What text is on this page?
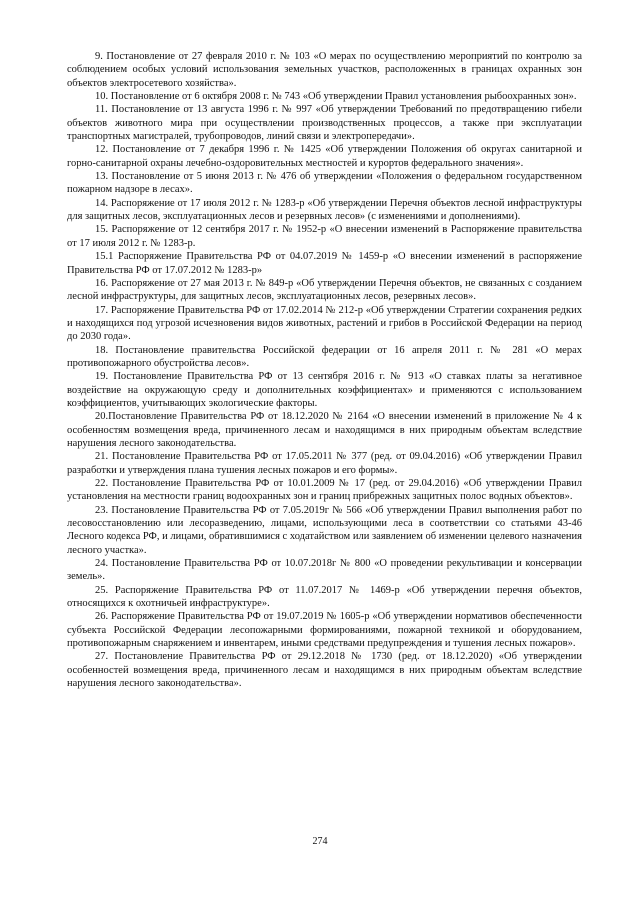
9. Постановление от 27 февраля 2010 г. № 103 «О мерах по осуществлению мероприятий по контролю за соблюдением особых условий использования земельных участков, расположенных в границах охранных зон объектов электросетевого хозяйства».

10. Постановление от 6 октября 2008 г. № 743 «Об утверждении Правил установления рыбоохранных зон».

11. Постановление от 13 августа 1996 г. № 997 «Об утверждении Требований по предотвращению гибели объектов животного мира при осуществлении производственных процессов, а также при эксплуатации транспортных магистралей, трубопроводов, линий связи и электропередачи».

12. Постановление от 7 декабря 1996 г. № 1425 «Об утверждении Положения об округах санитарной и горно-санитарной охраны лечебно-оздоровительных местностей и курортов федерального значения».

13. Постановление от 5 июня 2013 г. № 476 об утверждении «Положения о федеральном государственном пожарном надзоре в лесах».

14. Распоряжение от 17 июля 2012 г. № 1283-р «Об утверждении Перечня объектов лесной инфраструктуры для защитных лесов, эксплуатационных лесов и резервных лесов» (с изменениями и дополнениями).

15. Распоряжение от 12 сентября 2017 г. № 1952-р «О внесении изменений в Распоряжение правительства от 17 июля 2012 г. № 1283-р.

15.1 Распоряжение Правительства РФ от 04.07.2019 № 1459-р «О внесении изменений в распоряжение Правительства РФ от 17.07.2012 № 1283-р»

16. Распоряжение от 27 мая 2013 г. № 849-р «Об утверждении Перечня объектов, не связанных с созданием лесной инфраструктуры, для защитных лесов, эксплуатационных лесов, резервных лесов».

17. Распоряжение Правительства РФ от 17.02.2014 № 212-р «Об утверждении Стратегии сохранения редких и находящихся под угрозой исчезновения видов животных, растений и грибов в Российской Федерации на период до 2030 года».

18. Постановление правительства Российской федерации от 16 апреля 2011 г. № 281 «О мерах противопожарного обустройства лесов».

19. Постановление Правительства РФ от 13 сентября 2016 г. № 913 «О ставках платы за негативное воздействие на окружающую среду и дополнительных коэффициентах» и применяются с использованием коэффициентов, учитывающих экологические факторы.

20.Постановление Правительства РФ от 18.12.2020 № 2164 «О внесении изменений в приложение № 4 к особенностям возмещения вреда, причиненного лесам и находящимся в них природным объектам вследствие нарушения лесного законодательства.

21. Постановление Правительства РФ от 17.05.2011 № 377 (ред. от 09.04.2016) «Об утверждении Правил разработки и утверждения плана тушения лесных пожаров и его формы».

22. Постановление Правительства РФ от 10.01.2009 № 17 (ред. от 29.04.2016) «Об утверждении Правил установления на местности границ водоохранных зон и границ прибрежных защитных полос водных объектов».

23. Постановление Правительства РФ от 7.05.2019г № 566 «Об утверждении Правил выполнения работ по лесовосстановлению или лесоразведению, лицами, использующими леса в соответствии со статьями 43-46 Лесного кодекса РФ, и лицами, обратившимися с ходатайством или заявлением об изменении целевого назначения лесного участка».

24. Постановление Правительства РФ от 10.07.2018г № 800 «О проведении рекультивации и консервации земель».

25. Распоряжение Правительства РФ от 11.07.2017 № 1469-р «Об утверждении перечня объектов, относящихся к охотничьей инфраструктуре».

26. Распоряжение Правительства РФ от 19.07.2019 № 1605-р «Об утверждении нормативов обеспеченности субъекта Российской Федерации лесопожарными формированиями, пожарной техникой и оборудованием, противопожарным снаряжением и инвентарем, иными средствами предупреждения и тушения лесных пожаров».

27. Постановление Правительства РФ от 29.12.2018 № 1730 (ред. от 18.12.2020) «Об утверждении особенностей возмещения вреда, причиненного лесам и находящимся в них природным объектам вследствие нарушения лесного законодательства».

274
